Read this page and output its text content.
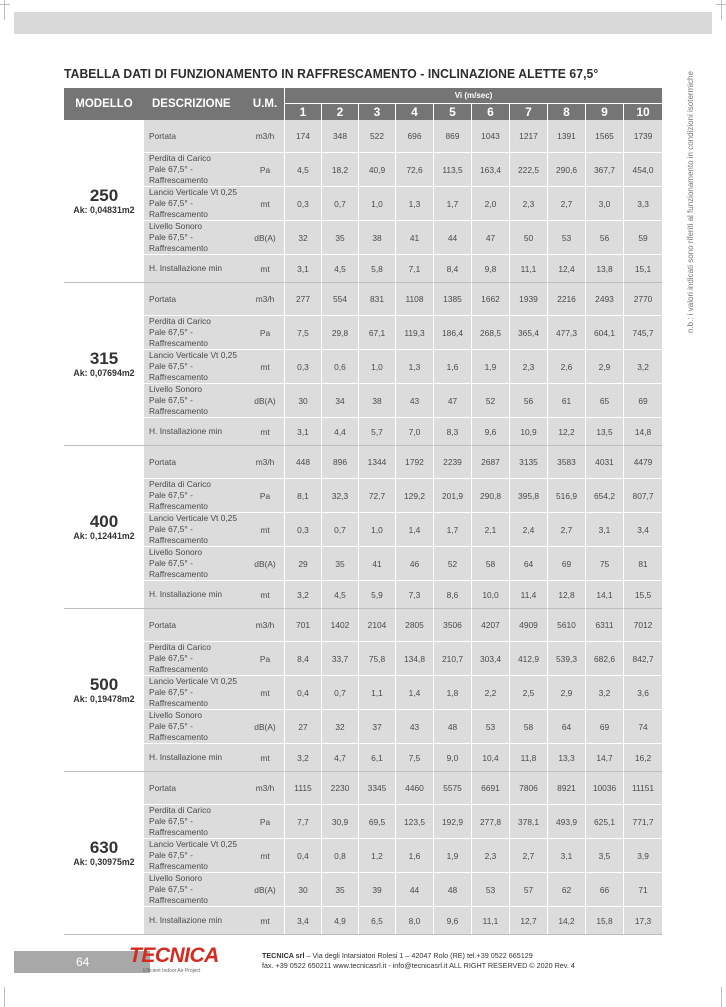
TABELLA DATI DI FUNZIONAMENTO IN RAFFRESCAMENTO - INCLINAZIONE ALETTE 67,5°
MODELLO	DESCRIZIONE	U.M.	Vi (m/sec)									
			1	2	3	4	5	6	7	8	9	10

250
Ak: 0,04831m2	Portata	m3/h	174	348	522	696	869	1043	1217	1391	1565	1739

	Perdita di Carico
Pale 67,5° - Raffrescamento	Pa	4,5	18,2	40,9	72,6	113,5	163,4	222,5	290,6	367,7	454,0

	Lancio Verticale Vt 0,25
Pale 67,5° - Raffrescamento	mt	0,3	0,7	1,0	1,3	1,7	2,0	2,3	2,7	3,0	3,3

	Livello Sonoro
Pale 67,5° - Raffrescamento	dB(A)	32	35	38	41	44	47	50	53	56	59

	H. Installazione min	mt	3,1	4,5	5,8	7,1	8,4	9,8	11,1	12,4	13,8	15,1

315
Ak: 0,07694m2	Portata	m3/h	277	554	831	1108	1385	1662	1939	2216	2493	2770

	Perdita di Carico
Pale 67,5° - Raffrescamento	Pa	7,5	29,8	67,1	119,3	186,4	268,5	365,4	477,3	604,1	745,7

	Lancio Verticale Vt 0,25
Pale 67,5° - Raffrescamento	mt	0,3	0,6	1,0	1,3	1,6	1,9	2,3	2,6	2,9	3,2

	Livello Sonoro
Pale 67,5° - Raffrescamento	dB(A)	30	34	38	43	47	52	56	61	65	69

	H. Installazione min	mt	3,1	4,4	5,7	7,0	8,3	9,6	10,9	12,2	13,5	14,8

400
Ak: 0,12441m2	Portata	m3/h	448	896	1344	1792	2239	2687	3135	3583	4031	4479

	Perdita di Carico
Pale 67,5° - Raffrescamento	Pa	8,1	32,3	72,7	129,2	201,9	290,8	395,8	516,9	654,2	807,7

	Lancio Verticale Vt 0,25
Pale 67,5° - Raffrescamento	mt	0,3	0,7	1,0	1,4	1,7	2,1	2,4	2,7	3,1	3,4

	Livello Sonoro
Pale 67,5° - Raffrescamento	dB(A)	29	35	41	46	52	58	64	69	75	81

	H. Installazione min	mt	3,2	4,5	5,9	7,3	8,6	10,0	11,4	12,8	14,1	15,5

500
Ak: 0,19478m2	Portata	m3/h	701	1402	2104	2805	3506	4207	4909	5610	6311	7012

	Perdita di Carico
Pale 67,5° - Raffrescamento	Pa	8,4	33,7	75,8	134,8	210,7	303,4	412,9	539,3	682,6	842,7

	Lancio Verticale Vt 0,25
Pale 67,5° - Raffrescamento	mt	0,4	0,7	1,1	1,4	1,8	2,2	2,5	2,9	3,2	3,6

	Livello Sonoro
Pale 67,5° - Raffrescamento	dB(A)	27	32	37	43	48	53	58	64	69	74

	H. Installazione min	mt	3,2	4,7	6,1	7,5	9,0	10,4	11,8	13,3	14,7	16,2

630
Ak: 0,30975m2	Portata	m3/h	1115	2230	3345	4460	5575	6691	7806	8921	10036	11151

	Perdita di Carico
Pale 67,5° - Raffrescamento	Pa	7,7	30,9	69,5	123,5	192,9	277,8	378,1	493,9	625,1	771,7

	Lancio Verticale Vt 0,25
Pale 67,5° - Raffrescamento	mt	0,4	0,8	1,2	1,6	1,9	2,3	2,7	3,1	3,5	3,9

	Livello Sonoro
Pale 67,5° - Raffrescamento	dB(A)	30	35	39	44	48	53	57	62	66	71

	H. Installazione min	mt	3,4	4,9	6,5	8,0	9,6	11,1	12,7	14,2	15,8	17,3
n.b.: i valori indicati sono riferiti al funzionamento in condizioni isotermiche
64	TECNICA
Efficient Indoor Air Project
TECNICA srl – Via degli Intarsiatori Rolesi 1 – 42047 Rolo (RE) tel.+39 0522 665129
fax. +39 0522 650211 www.tecnicasrl.it - info@tecnicasrl.it ALL RIGHT RESERVED © 2020 Rev. 4
